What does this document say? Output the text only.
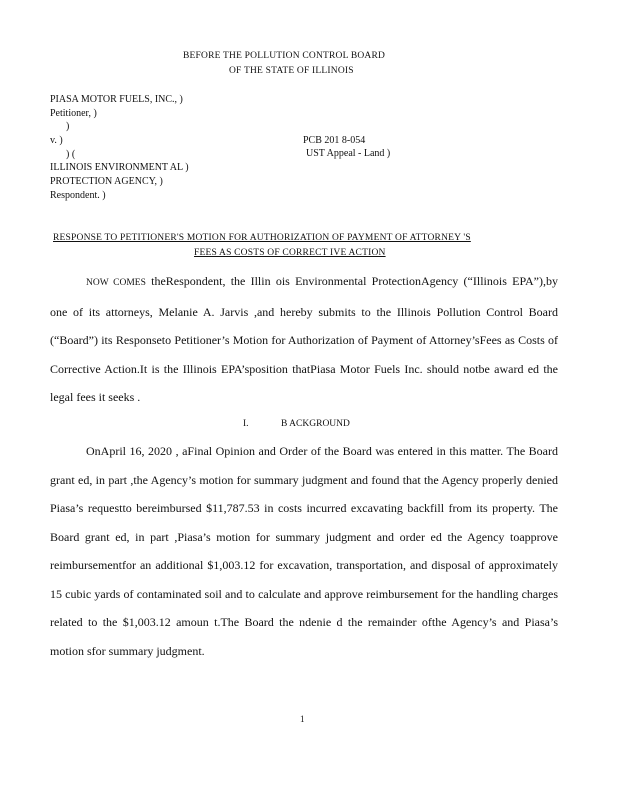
BEFORE THE POLLUTION CONTROL BOARD
OF THE STATE OF ILLINOIS
PIASA MOTOR FUELS, INC., )
Petitioner, )
)
v. )
) (
ILLINOIS ENVIRONMENT AL )
PROTECTION AGENCY, )
Respondent. )
PCB 201 8-054
UST Appeal - Land )
RESPONSE TO PETITIONER'S MOTION FOR AUTHORIZATION OF PAYMENT OF ATTORNEY 'S
FEES AS COSTS OF CORRECT IVE ACTION
NOW COMES theRespondent, the Illin ois Environmental ProtectionAgency (“Illinois EPA”),by one of its attorneys, Melanie A. Jarvis ,and hereby submits to the Illinois Pollution Control Board (“Board”) its Responseto Petitioner’s Motion for Authorization of Payment of Attorney’sFees as Costs of Corrective Action.It is the Illinois EPA’sposition thatPiasa Motor Fuels Inc. should notbe award ed the legal fees it seeks .
I.	B ACKGROUND
OnApril 16, 2020 , aFinal Opinion and Order of the Board was entered in this matter. The Board grant ed, in part ,the Agency’s motion for summary judgment and found that the Agency properly denied Piasa’s requestto bereimbursed $11,787.53 in costs incurred excavating backfill from its property. The Board grant ed, in part ,Piasa’s motion for summary judgment and order ed the Agency toapprove reimbursementfor an additional $1,003.12 for excavation, transportation, and disposal of approximately 15 cubic yards of contaminated soil and to calculate and approve reimbursement for the handling charges related to the $1,003.12 amoun t.The Board the ndenie d the remainder ofthe Agency’s and Piasa’s motion sfor summary judgment.
1
